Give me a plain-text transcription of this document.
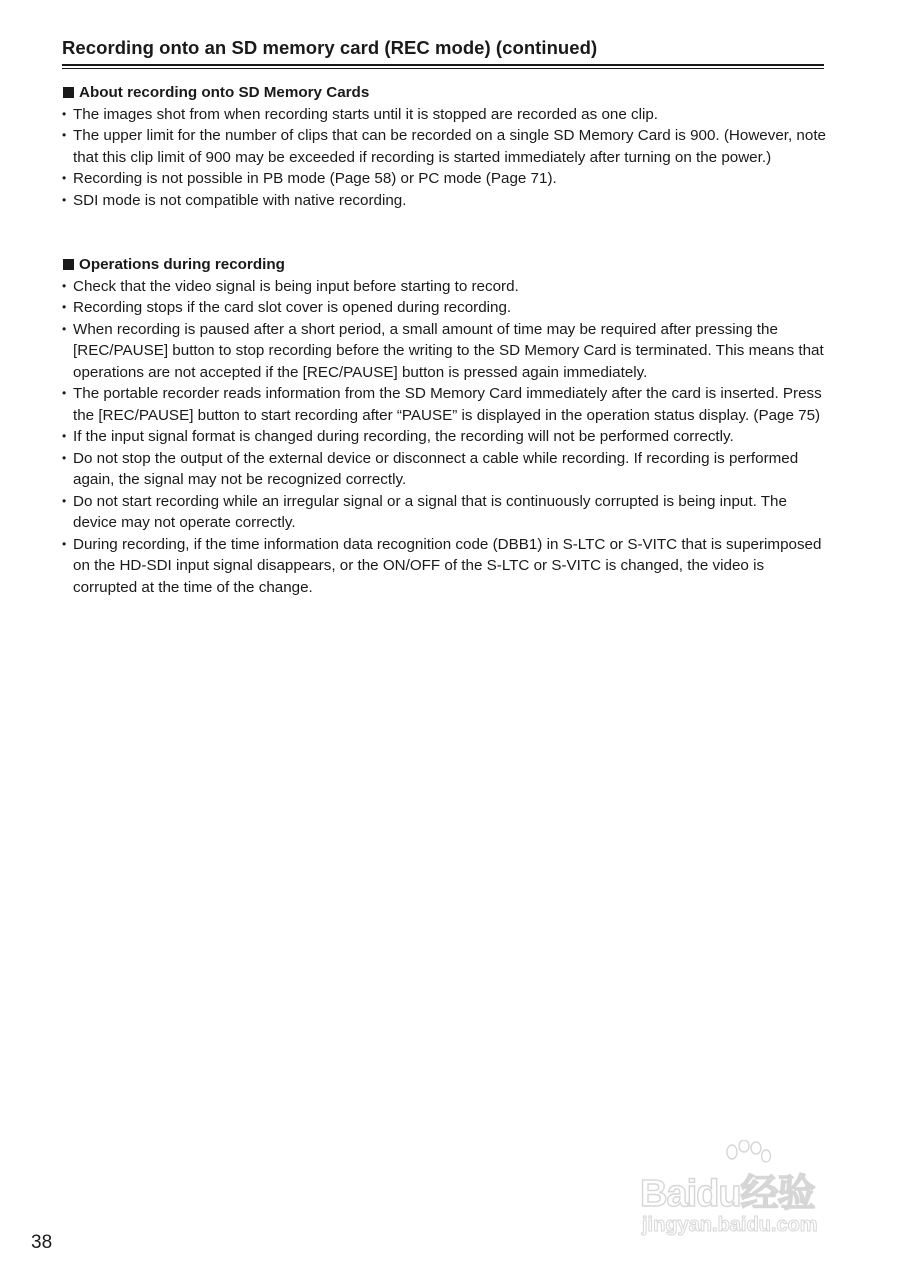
Recording onto an SD memory card (REC mode) (continued)
About recording onto SD Memory Cards
• The images shot from when recording starts until it is stopped are recorded as one clip.
• The upper limit for the number of clips that can be recorded on a single SD Memory Card is 900. (However, note that this clip limit of 900 may be exceeded if recording is started immediately after turning on the power.)
• Recording is not possible in PB mode (Page 58) or PC mode (Page 71).
• SDI mode is not compatible with native recording.
Operations during recording
• Check that the video signal is being input before starting to record.
• Recording stops if the card slot cover is opened during recording.
• When recording is paused after a short period, a small amount of time may be required after pressing the [REC/PAUSE] button to stop recording before the writing to the SD Memory Card is terminated. This means that operations are not accepted if the [REC/PAUSE] button is pressed again immediately.
• The portable recorder reads information from the SD Memory Card immediately after the card is inserted. Press the [REC/PAUSE] button to start recording after “PAUSE” is displayed in the operation status display. (Page 75)
• If the input signal format is changed during recording, the recording will not be performed correctly.
• Do not stop the output of the external device or disconnect a cable while recording. If recording is performed again, the signal may not be recognized correctly.
• Do not start recording while an irregular signal or a signal that is continuously corrupted is being input. The device may not operate correctly.
• During recording, if the time information data recognition code (DBB1) in S-LTC or S-VITC that is superimposed on the HD-SDI input signal disappears, or the ON/OFF of the S-LTC or S-VITC is changed, the video is corrupted at the time of the change.
38
Baidu经验
jingyan.baidu.com
